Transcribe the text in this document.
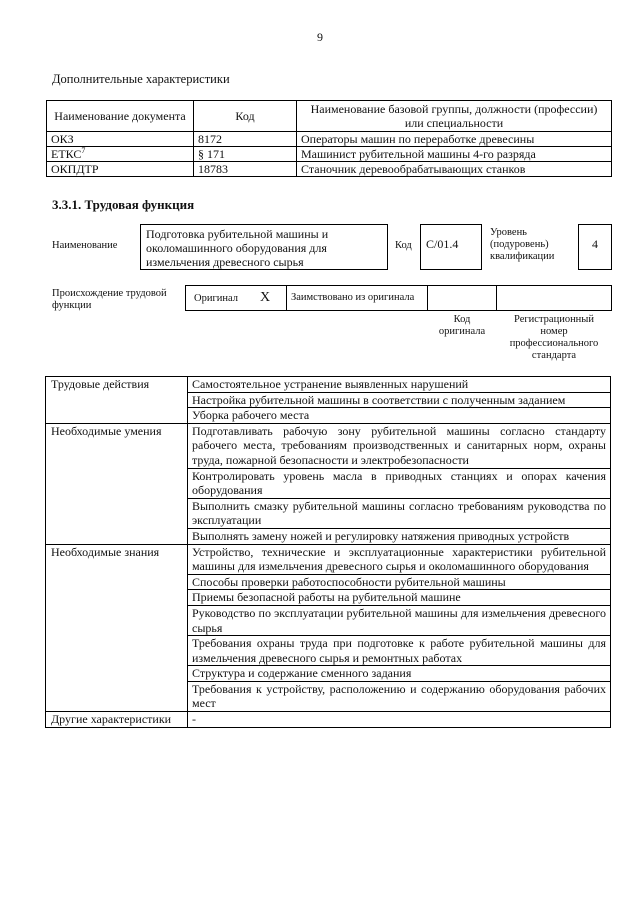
9
Дополнительные характеристики
Наименование документа	Код	Наименование базовой группы, должности (профессии) или специальности
ОКЗ	8172	Операторы машин по переработке древесины
ЕТКС$^7$	§ 171	Машинист рубительной машины 4-го разряда
ОКПДТР	18783	Станочник деревообрабатывающих станков
3.3.1. Трудовая функция
Наименование
Подготовка рубительной машины и околомашинного оборудования для измельчения древесного сырья
Код	С/01.4
Уровень (подуровень) квалификации
4
Происхождение трудовой функции
Оригинал X	Заимствовано из оригинала
Код оригинала
Регистрационный номер профессионального стандарта
Трудовые действия	Самостоятельное устранение выявленных нарушений
	Настройка рубительной машины в соответствии с полученным заданием
	Уборка рабочего места
Необходимые умения	Подготавливать рабочую зону рубительной машины согласно стандарту рабочего места, требованиям производственных и санитарных норм, охраны труда, пожарной безопасности и электробезопасности
	Контролировать уровень масла в приводных станциях и опорах качения оборудования
	Выполнить смазку рубительной машины согласно требованиям руководства по эксплуатации
	Выполнять замену ножей и регулировку натяжения приводных устройств
Необходимые знания	Устройство, технические и эксплуатационные характеристики рубительной машины для измельчения древесного сырья и околомашинного оборудования
	Способы проверки работоспособности рубительной машины
	Приемы безопасной работы на рубительной машине
	Руководство по эксплуатации рубительной машины для измельчения древесного сырья
	Требования охраны труда при подготовке к работе рубительной машины для измельчения древесного сырья и ремонтных работах
	Структура и содержание сменного задания
	Требования к устройству, расположению и содержанию оборудования рабочих мест
Другие характеристики	-
